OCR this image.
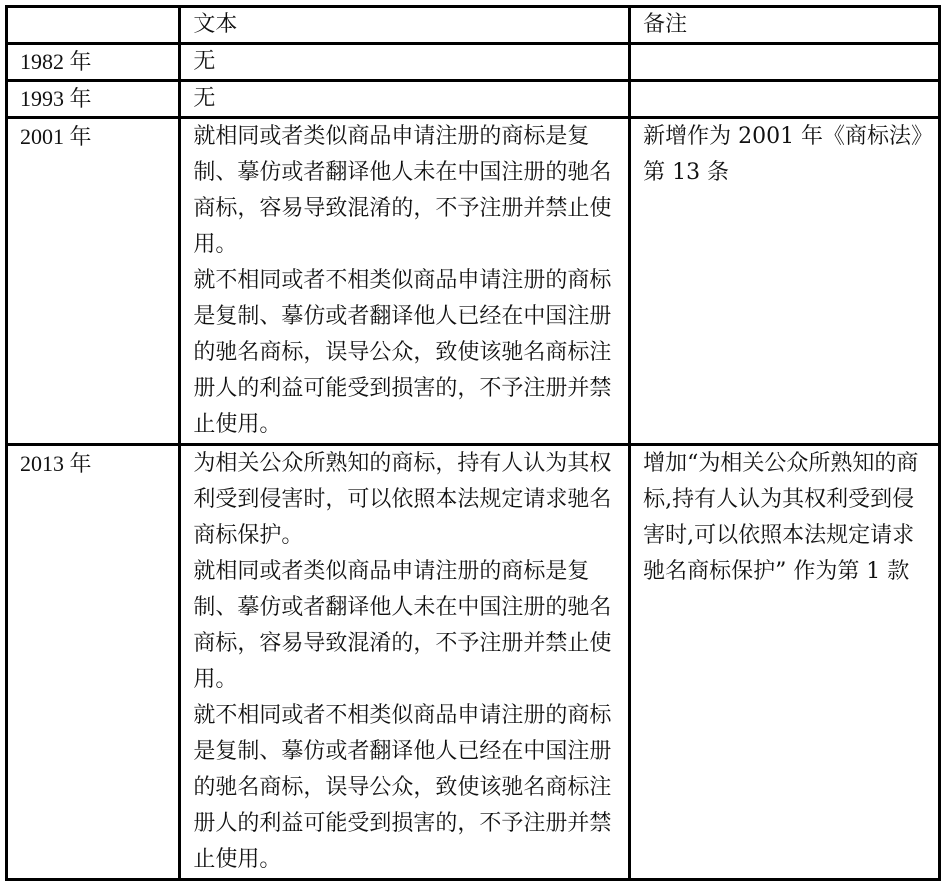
	文本	备注
1982 年	无	

1993 年	无	

2001 年	就相同或者类似商品申请注册的商标是复制、摹仿或者翻译他人未在中国注册的驰名商标，容易导致混淆的，不予注册并禁止使用。
就不相同或者不相类似商品申请注册的商标是复制、摹仿或者翻译他人已经在中国注册的驰名商标，误导公众，致使该驰名商标注册人的利益可能受到损害的，不予注册并禁止使用。	新增作为 2001 年《商标法》第 13 条
2013 年	为相关公众所熟知的商标，持有人认为其权利受到侵害时，可以依照本法规定请求驰名商标保护。
就相同或者类似商品申请注册的商标是复制、摹仿或者翻译他人未在中国注册的驰名商标，容易导致混淆的，不予注册并禁止使用。
就不相同或者不相类似商品申请注册的商标是复制、摹仿或者翻译他人已经在中国注册的驰名商标，误导公众，致使该驰名商标注册人的利益可能受到损害的，不予注册并禁止使用。	增加“为相关公众所熟知的商标,持有人认为其权利受到侵害时,可以依照本法规定请求驰名商标保护” 作为第 1 款
